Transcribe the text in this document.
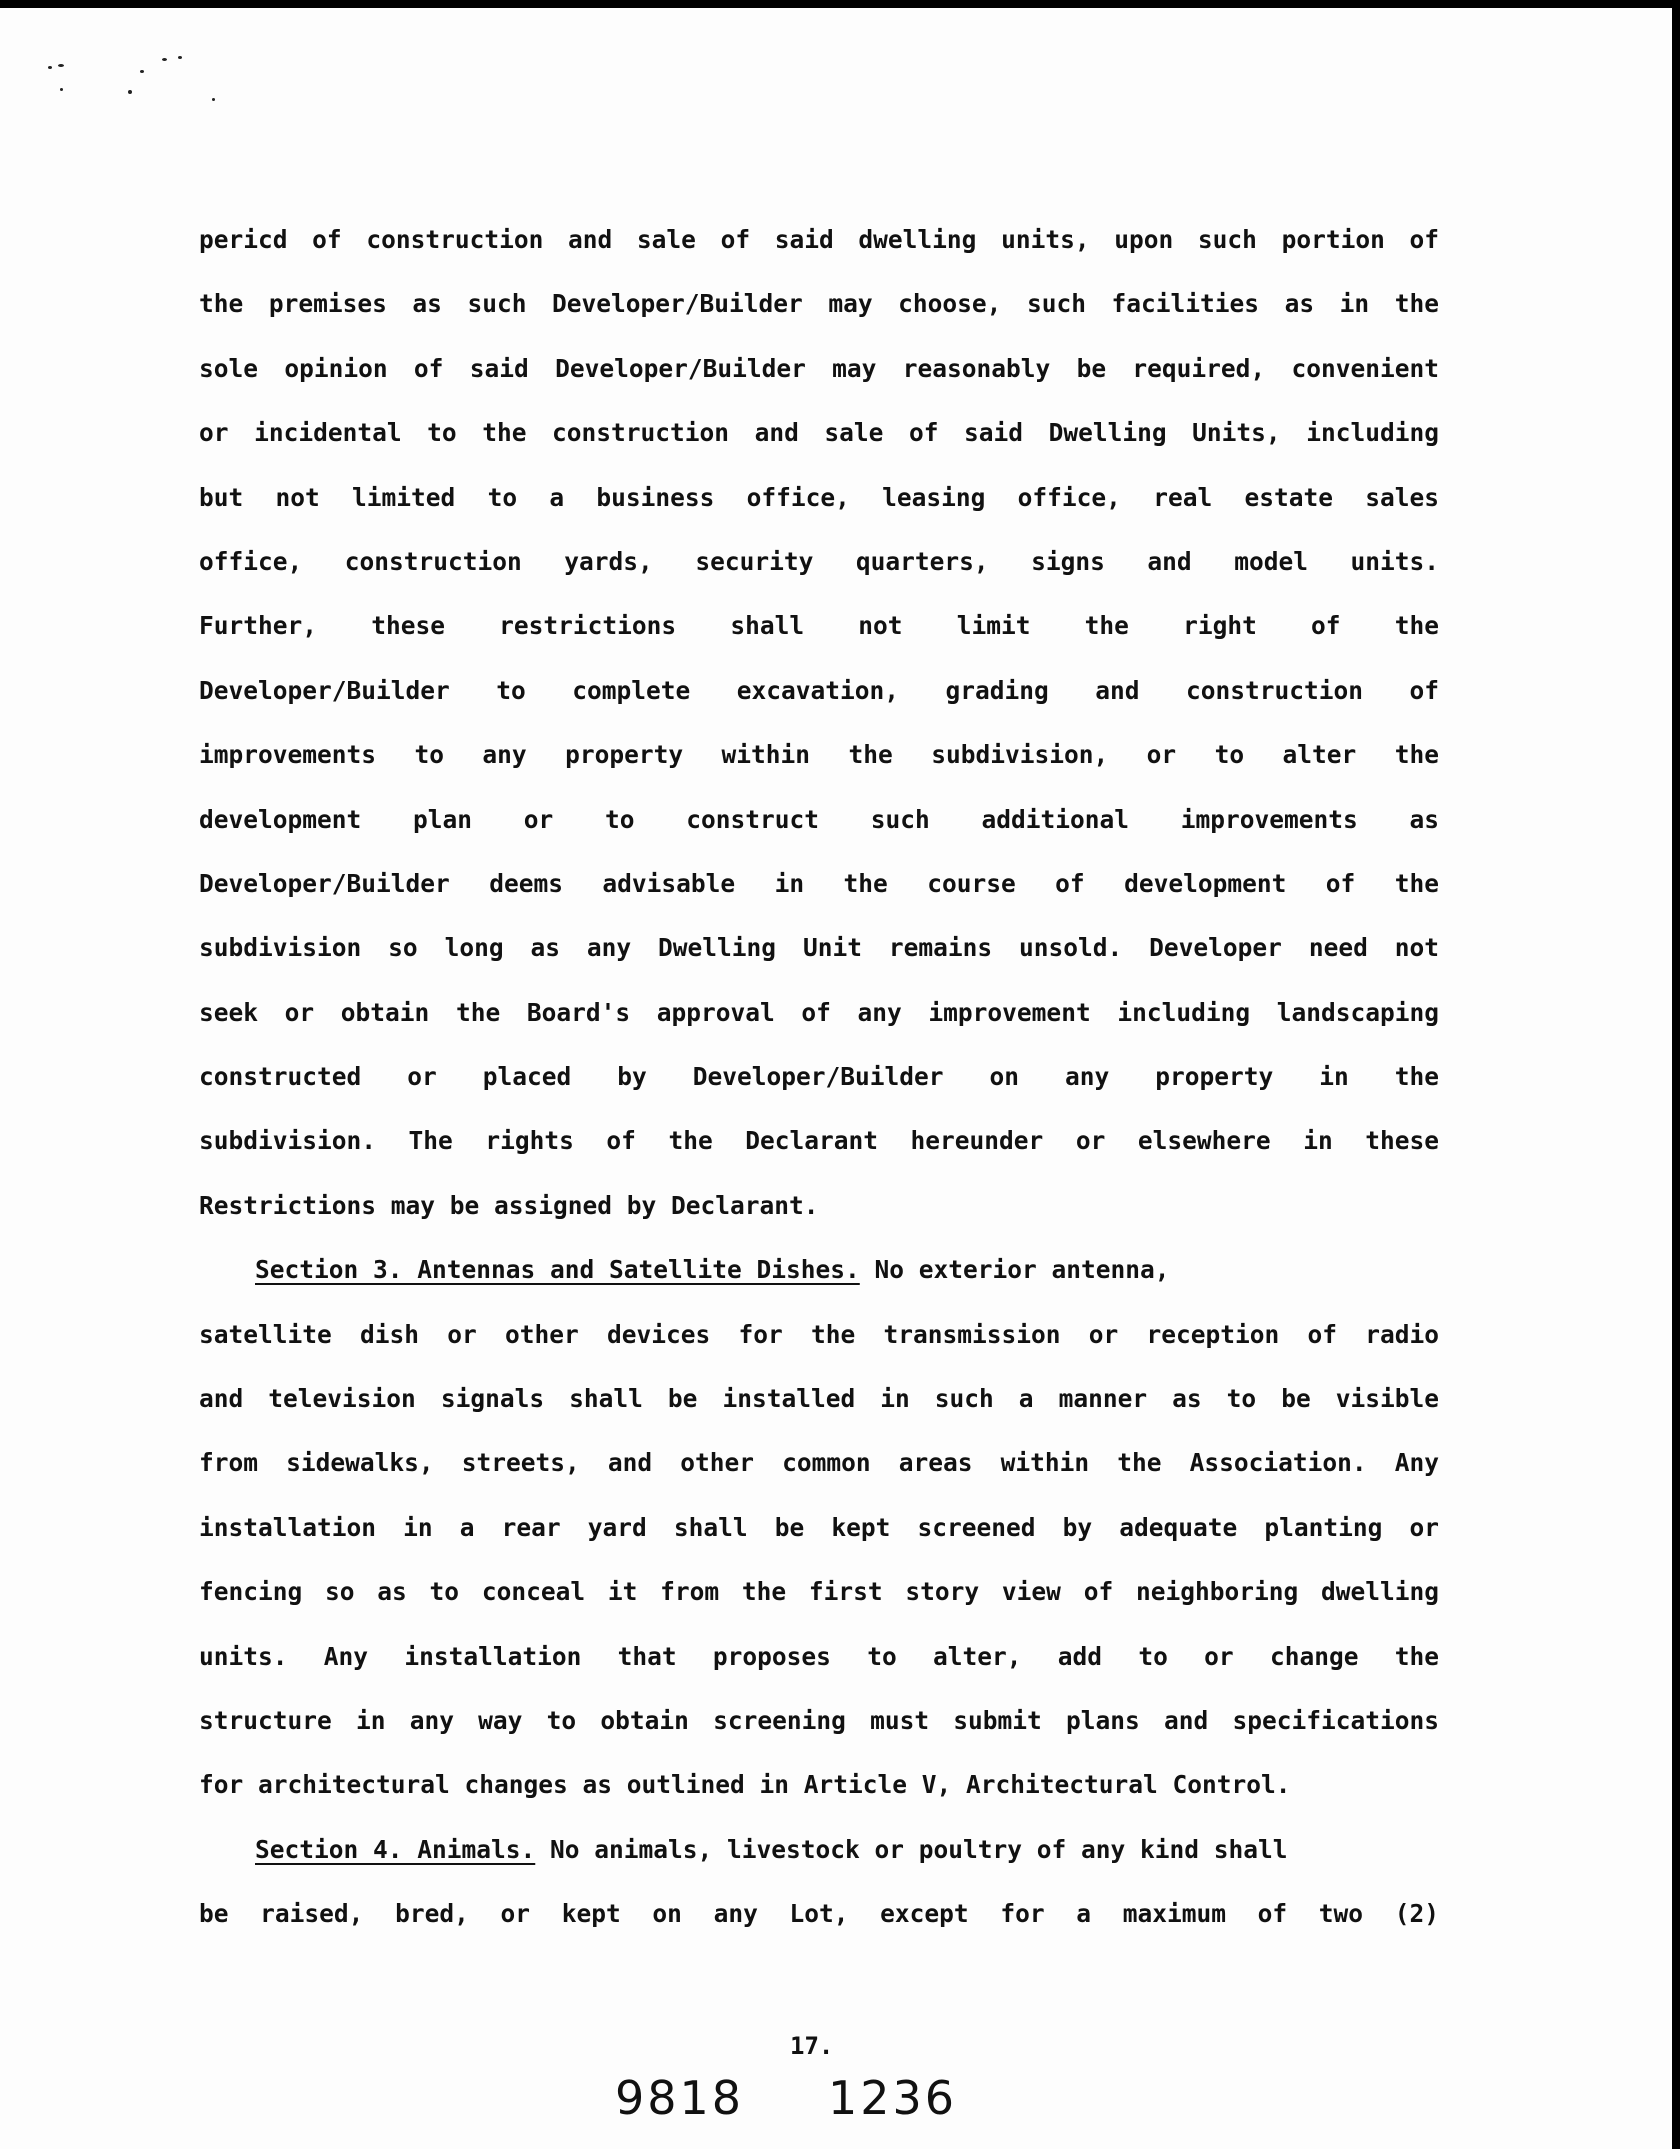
pericd of construction and sale of said dwelling units, upon such portion of
the premises as such Developer/Builder may choose, such facilities as in the
sole opinion of said Developer/Builder may reasonably be required, convenient
or incidental to the construction and sale of said Dwelling Units, including
but not limited to a business office, leasing office, real estate sales
office, construction yards, security quarters, signs and model units.
Further, these restrictions shall not limit the right of the
Developer/Builder to complete excavation, grading and construction of
improvements to any property within the subdivision, or to alter the
development plan or to construct such additional improvements as
Developer/Builder deems advisable in the course of development of the
subdivision so long as any Dwelling Unit remains unsold. Developer need not
seek or obtain the Board's approval of any improvement including landscaping
constructed or placed by Developer/Builder on any property in the
subdivision. The rights of the Declarant hereunder or elsewhere in these
Restrictions may be assigned by Declarant.
Section 3. Antennas and Satellite Dishes. No exterior antenna,
satellite dish or other devices for the transmission or reception of radio
and television signals shall be installed in such a manner as to be visible
from sidewalks, streets, and other common areas within the Association. Any
installation in a rear yard shall be kept screened by adequate planting or
fencing so as to conceal it from the first story view of neighboring dwelling
units. Any installation that proposes to alter, add to or change the
structure in any way to obtain screening must submit plans and specifications
for architectural changes as outlined in Article V, Architectural Control.
Section 4. Animals. No animals, livestock or poultry of any kind shall
be raised, bred, or kept on any Lot, except for a maximum of two (2)
17.
9818 1236
